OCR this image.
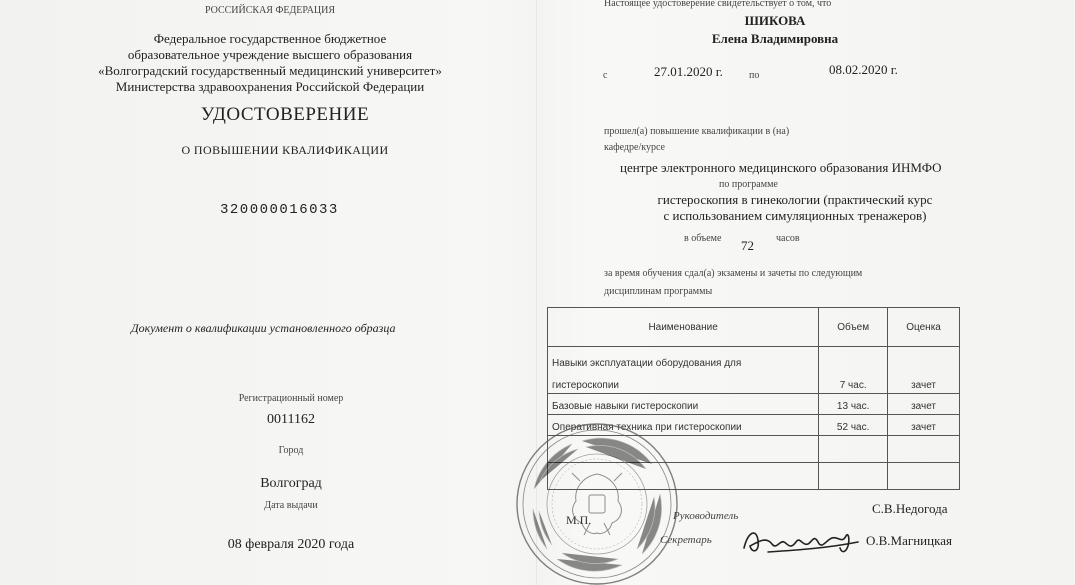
РОССИЙСКАЯ ФЕДЕРАЦИЯ
Федеральное государственное бюджетное
образовательное учреждение высшего образования
«Волгоградский государственный медицинский университет»
Министерства здравоохранения Российской Федерации
УДОСТОВЕРЕНИЕ
О ПОВЫШЕНИИ КВАЛИФИКАЦИИ
320000016033
Документ о квалификации установленного образца
Регистрационный номер
0011162
Город
Волгоград
Дата выдачи
08 февраля 2020 года
Настоящее удостоверение свидетельствует о том, что
ШИКОВА
Елена Владимировна
с	27.01.2020 г.	по	08.02.2020 г.
прошел(а) повышение квалификации в (на)
кафедре/курсе
центре электронного медицинского образования ИНМФО
по программе
гистероскопия в гинекологии (практический курс
с использованием симуляционных тренажеров)
в объеме 72 часов
за время обучения сдал(а) экзамены и зачеты по следующим
дисциплинам программы
Наименование	Объем	Оценка
Навыки эксплуатации оборудования для		
гистероскопии	7 час.	зачет
Базовые навыки гистероскопии	13 час.	зачет
Оперативная техника при гистероскопии	52 час.	зачет

М.П.	Руководитель	С.В.Недогода
Секретарь	О.В.Магницкая
